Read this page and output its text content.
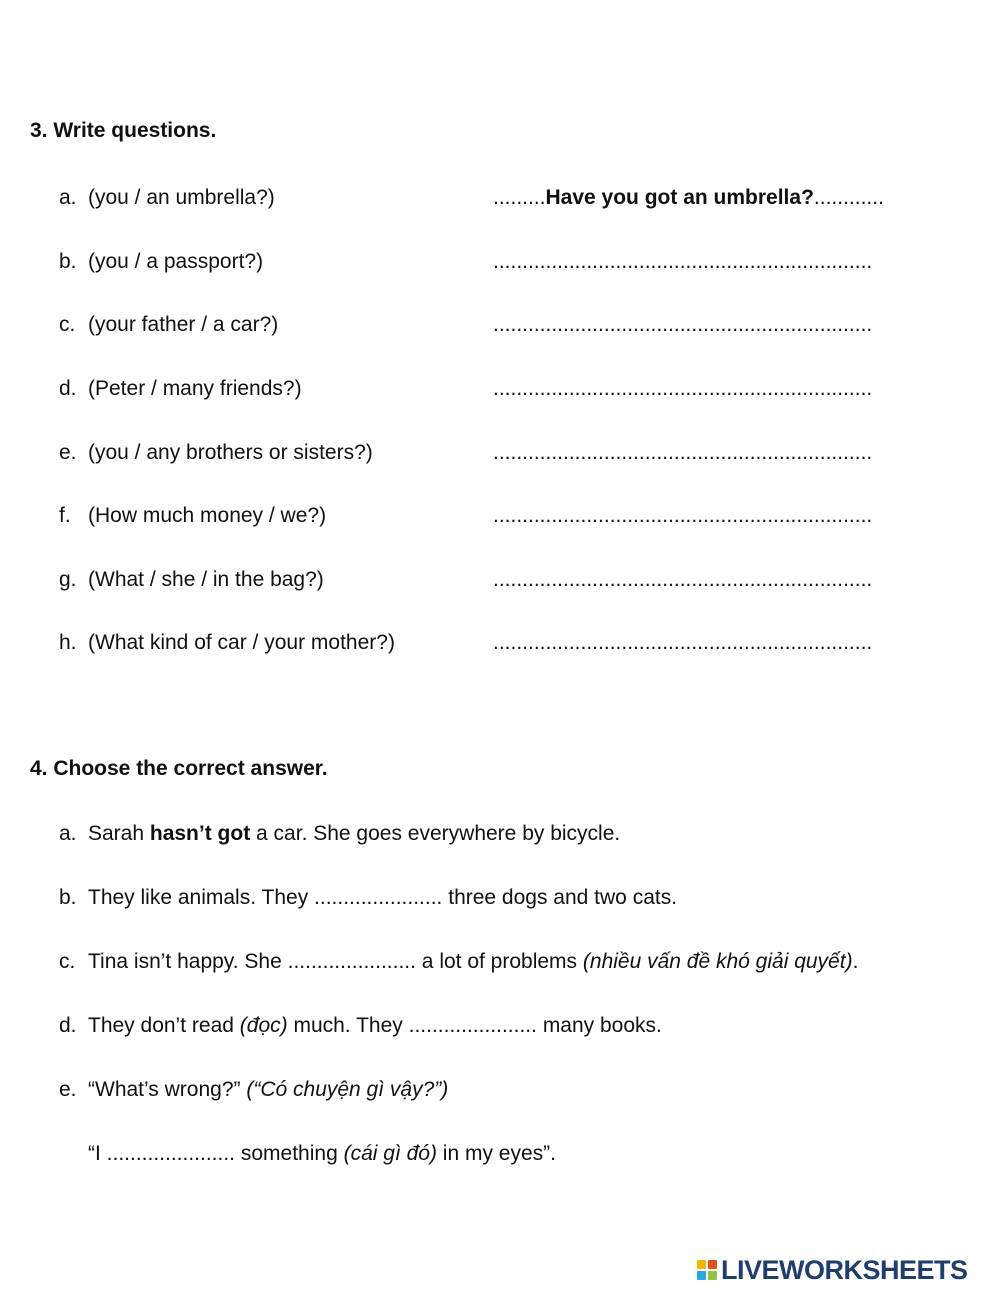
3. Write questions.
a. (you / an umbrella?)	.........Have you got an umbrella?............
b. (you / a passport?)	.................................................................
c. (your father / a car?)	.................................................................
d. (Peter / many friends?)	.................................................................
e. (you / any brothers or sisters?)	.................................................................
f. (How much money / we?)	.................................................................
g. (What / she / in the bag?)	.................................................................
h. (What kind of car / your mother?)	.................................................................
4. Choose the correct answer.
a. Sarah hasn’t got a car. She goes everywhere by bicycle.
b. They like animals. They ...................... three dogs and two cats.
c. Tina isn’t happy. She ...................... a lot of problems (nhiều vấn đề khó giải quyết).
d. They don’t read (đọc) much. They ...................... many books.
e. “What’s wrong?” (“Có chuyện gì vậy?”)
“I ...................... something (cái gì đó) in my eyes”.
LIVEWORKSHEETS
